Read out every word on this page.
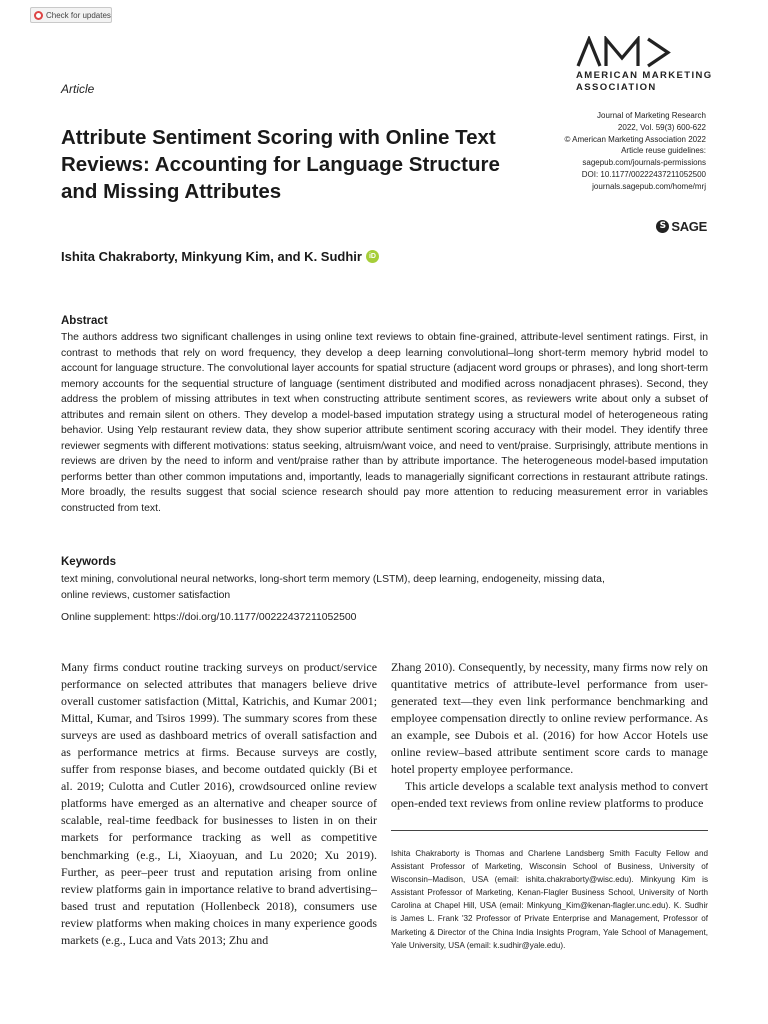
Check for updates
AMERICAN MARKETING
ASSOCIATION
Article
Attribute Sentiment Scoring with Online Text Reviews: Accounting for Language Structure and Missing Attributes
Journal of Marketing Research
2022, Vol. 59(3) 600-622
© American Marketing Association 2022
Article reuse guidelines:
sagepub.com/journals-permissions
DOI: 10.1177/00222437211052500
journals.sagepub.com/home/mrj
S SAGE
Ishita Chakraborty, Minkyung Kim, and K. Sudhir	iD
Abstract
The authors address two significant challenges in using online text reviews to obtain fine-grained, attribute-level sentiment ratings. First, in contrast to methods that rely on word frequency, they develop a deep learning convolutional–long short-term memory hybrid model to account for language structure. The convolutional layer accounts for spatial structure (adjacent word groups or phrases), and long short-term memory accounts for the sequential structure of language (sentiment distributed and modified across nonadjacent phrases). Second, they address the problem of missing attributes in text when constructing attribute sentiment scores, as reviewers write about only a subset of attributes and remain silent on others. They develop a model-based imputation strategy using a structural model of heterogeneous rating behavior. Using Yelp restaurant review data, they show superior attribute sentiment scoring accuracy with their model. They identify three reviewer segments with different motivations: status seeking, altruism/want voice, and need to vent/praise. Surprisingly, attribute mentions in reviews are driven by the need to inform and vent/praise rather than by attribute importance. The heterogeneous model-based imputation performs better than other common imputations and, importantly, leads to managerially significant corrections in restaurant attribute ratings. More broadly, the results suggest that social science research should pay more attention to reducing measurement error in variables constructed from text.
Keywords
text mining, convolutional neural networks, long-short term memory (LSTM), deep learning, endogeneity, missing data,
online reviews, customer satisfaction
Online supplement: https://doi.org/10.1177/00222437211052500

Many firms conduct routine tracking surveys on product/service performance on selected attributes that managers believe drive overall customer satisfaction (Mittal, Katrichis, and Kumar 2001; Mittal, Kumar, and Tsiros 1999). The summary scores from these surveys are used as dashboard metrics of overall satisfaction and as performance metrics at firms. Because surveys are costly, suffer from response biases, and become outdated quickly (Bi et al. 2019; Culotta and Cutler 2016), crowdsourced online review platforms have emerged as an alternative and cheaper source of scalable, real-time feedback for businesses to listen in on their markets for performance tracking as well as competitive benchmarking (e.g., Li, Xiaoyuan, and Lu 2020; Xu 2019). Further, as peer–peer trust and reputation arising from online review platforms gain in importance relative to brand advertising–based trust and reputation (Hollenbeck 2018), consumers use review platforms when making choices in many experience goods markets (e.g., Luca and Vats 2013; Zhu and

Zhang 2010). Consequently, by necessity, many firms now rely on quantitative metrics of attribute-level performance from user-generated text—they even link performance benchmarking and employee compensation directly to online review performance. As an example, see Dubois et al. (2016) for how Accor Hotels use online review–based attribute sentiment score cards to manage hotel property employee performance.

This article develops a scalable text analysis method to convert open-ended text reviews from online review platforms to produce

Ishita Chakraborty is Thomas and Charlene Landsberg Smith Faculty Fellow and Assistant Professor of Marketing, Wisconsin School of Business, University of Wisconsin–Madison, USA (email: ishita.chakraborty@wisc.edu). Minkyung Kim is Assistant Professor of Marketing, Kenan-Flagler Business School, University of North Carolina at Chapel Hill, USA (email: Minkyung_Kim@kenan-flagler.unc.edu). K. Sudhir is James L. Frank '32 Professor of Private Enterprise and Management, Professor of Marketing & Director of the China India Insights Program, Yale School of Management, Yale University, USA (email: k.sudhir@yale.edu).
